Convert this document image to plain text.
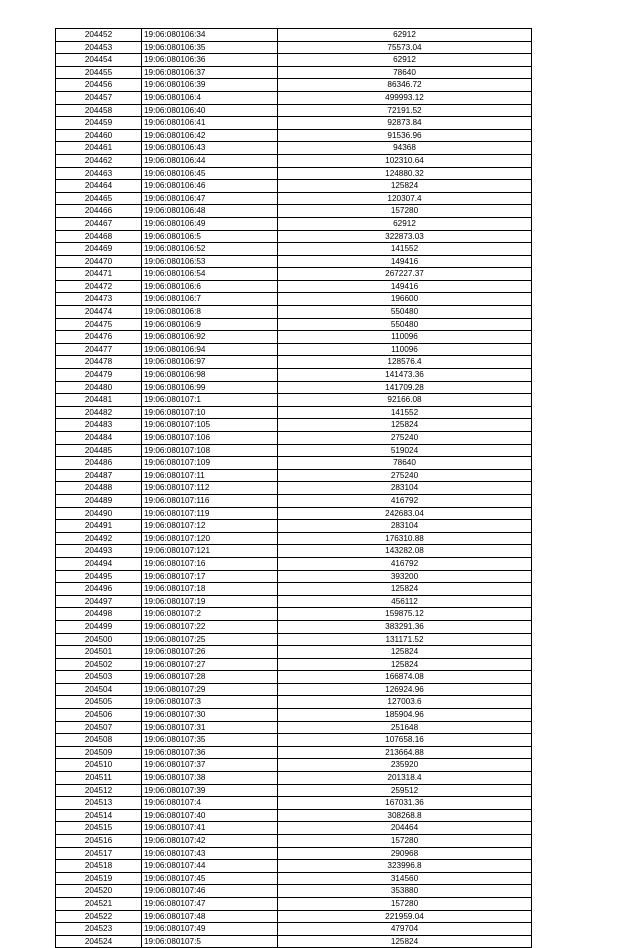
204452	19:06:080106:34	62912
204453	19:06:080106:35	75573.04
204454	19:06:080106:36	62912
204455	19:06:080106:37	78640
204456	19:06:080106:39	86346.72
204457	19:06:080106:4	499993.12
204458	19:06:080106:40	72191.52
204459	19:06:080106:41	92873.84
204460	19:06:080106:42	91536.96
204461	19:06:080106:43	94368
204462	19:06:080106:44	102310.64
204463	19:06:080106:45	124880.32
204464	19:06:080106:46	125824
204465	19:06:080106:47	120307.4
204466	19:06:080106:48	157280
204467	19:06:080106:49	62912
204468	19:06:080106:5	322873.03
204469	19:06:080106:52	141552
204470	19:06:080106:53	149416
204471	19:06:080106:54	267227.37
204472	19:06:080106:6	149416
204473	19:06:080106:7	196600
204474	19:06:080106:8	550480
204475	19:06:080106:9	550480
204476	19:06:080106:92	110096
204477	19:06:080106:94	110096
204478	19:06:080106:97	128576.4
204479	19:06:080106:98	141473.36
204480	19:06:080106:99	141709.28
204481	19:06:080107:1	92166.08
204482	19:06:080107:10	141552
204483	19:06:080107:105	125824
204484	19:06:080107:106	275240
204485	19:06:080107:108	519024
204486	19:06:080107:109	78640
204487	19:06:080107:11	275240
204488	19:06:080107:112	283104
204489	19:06:080107:116	416792
204490	19:06:080107:119	242683.04
204491	19:06:080107:12	283104
204492	19:06:080107:120	176310.88
204493	19:06:080107:121	143282.08
204494	19:06:080107:16	416792
204495	19:06:080107:17	393200
204496	19:06:080107:18	125824
204497	19:06:080107:19	456112
204498	19:06:080107:2	159875.12
204499	19:06:080107:22	383291.36
204500	19:06:080107:25	131171.52
204501	19:06:080107:26	125824
204502	19:06:080107:27	125824
204503	19:06:080107:28	166874.08
204504	19:06:080107:29	126924.96
204505	19:06:080107:3	127003.6
204506	19:06:080107:30	185904.96
204507	19:06:080107:31	251648
204508	19:06:080107:35	107658.16
204509	19:06:080107:36	213664.88
204510	19:06:080107:37	235920
204511	19:06:080107:38	201318.4
204512	19:06:080107:39	259512
204513	19:06:080107:4	167031.36
204514	19:06:080107:40	308268.8
204515	19:06:080107:41	204464
204516	19:06:080107:42	157280
204517	19:06:080107:43	290968
204518	19:06:080107:44	323996.8
204519	19:06:080107:45	314560
204520	19:06:080107:46	353880
204521	19:06:080107:47	157280
204522	19:06:080107:48	221959.04
204523	19:06:080107:49	479704
204524	19:06:080107:5	125824
